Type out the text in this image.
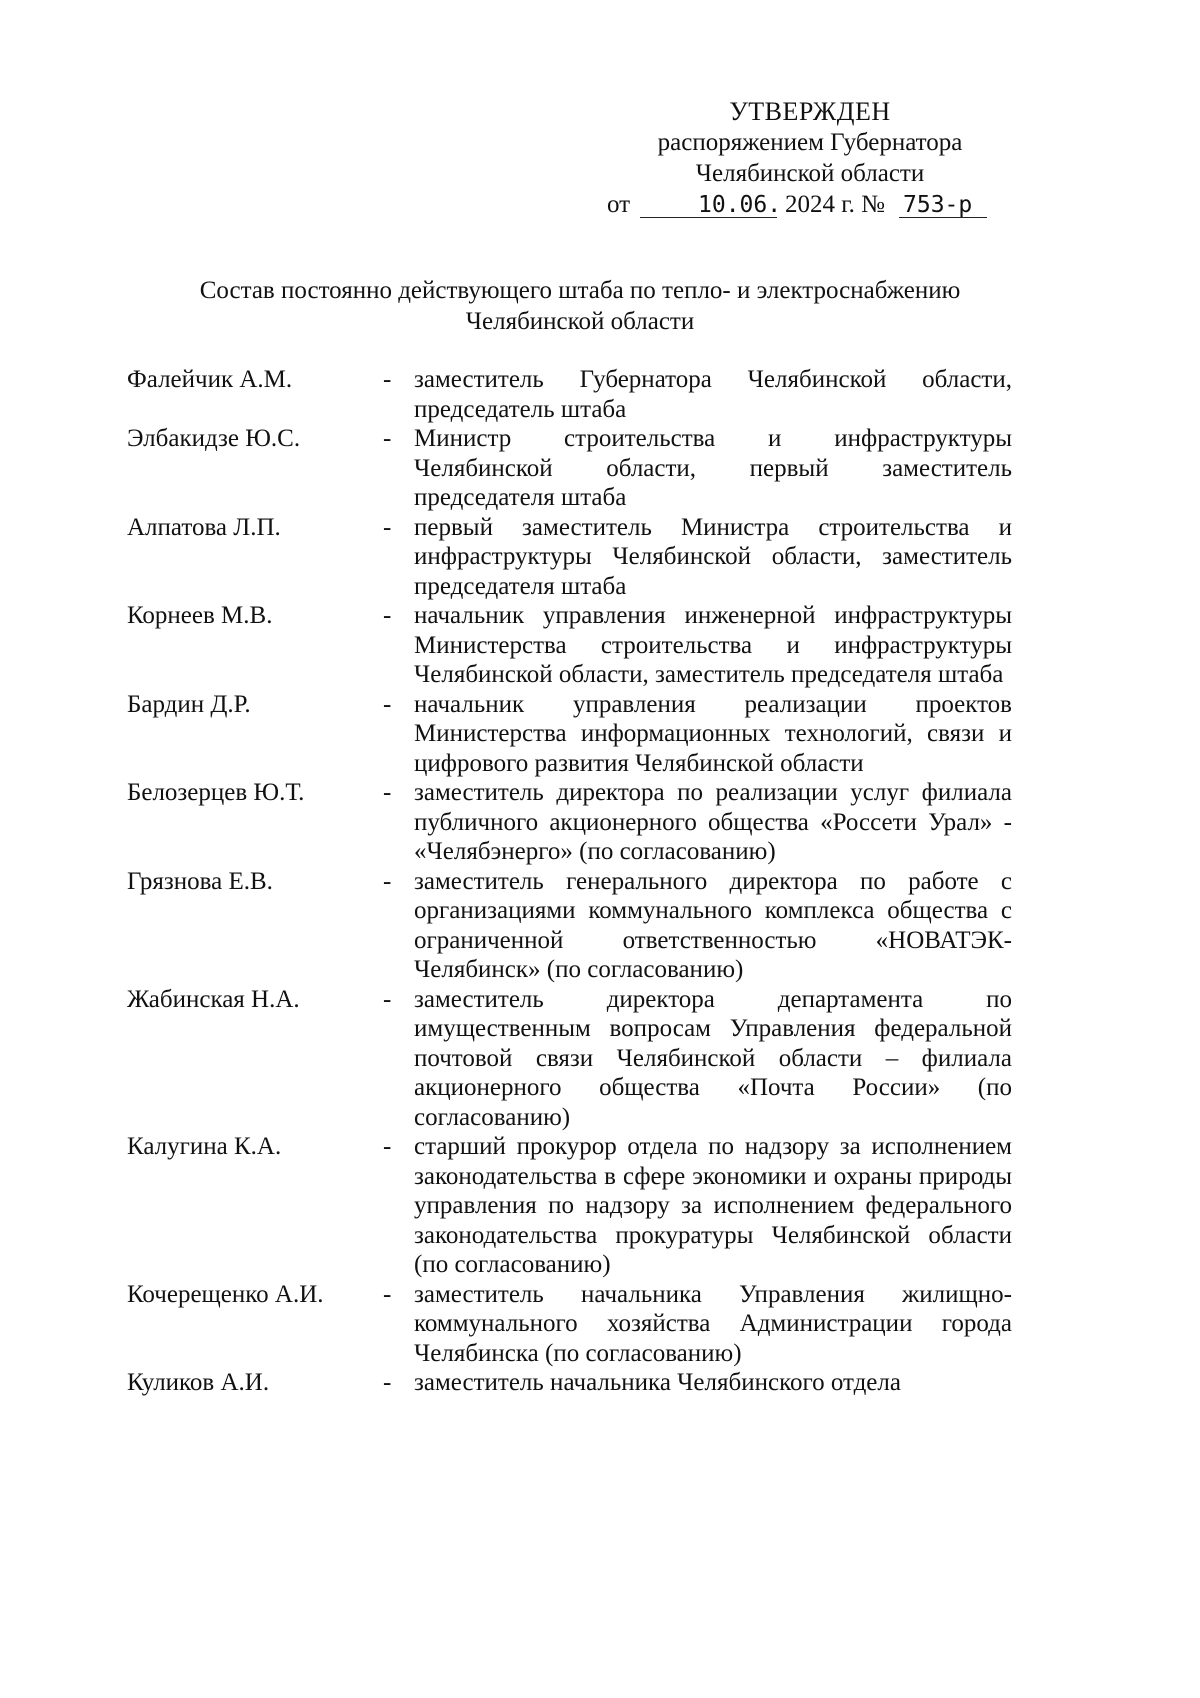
УТВЕРЖДЕН
распоряжением Губернатора
Челябинской области
от	10.06. 2024 г. № 753-р
Состав постоянно действующего штаба по тепло- и электроснабжению
Челябинской области
Фалейчик А.М.	- заместитель Губернатора Челябинской области, председатель штаба
Элбакидзе Ю.С.	- Министр строительства и инфраструктуры Челябинской области, первый заместитель председателя штаба
Алпатова Л.П.	- первый заместитель Министра строительства и инфраструктуры Челябинской области, заместитель председателя штаба
Корнеев М.В.	- начальник управления инженерной инфраструктуры Министерства строительства и инфраструктуры Челябинской области, заместитель председателя штаба
Бардин Д.Р.	- начальник управления реализации проектов Министерства информационных технологий, связи и цифрового развития Челябинской области
Белозерцев Ю.Т.	- заместитель директора по реализации услуг филиала публичного акционерного общества «Россети Урал» - «Челябэнерго» (по согласованию)
Грязнова Е.В.	- заместитель генерального директора по работе с организациями коммунального комплекса общества с ограниченной ответственностью «НОВАТЭК-Челябинск» (по согласованию)
Жабинская Н.А.	- заместитель директора департамента по имущественным вопросам Управления федеральной почтовой связи Челябинской области – филиала акционерного общества «Почта России» (по согласованию)
Калугина К.А.	- старший прокурор отдела по надзору за исполнением законодательства в сфере экономики и охраны природы управления по надзору за исполнением федерального законодательства прокуратуры Челябинской области (по согласованию)
Кочерещенко А.И. - заместитель начальника Управления жилищно-коммунального хозяйства Администрации города Челябинска (по согласованию)
Куликов А.И.	- заместитель начальника Челябинского отдела
